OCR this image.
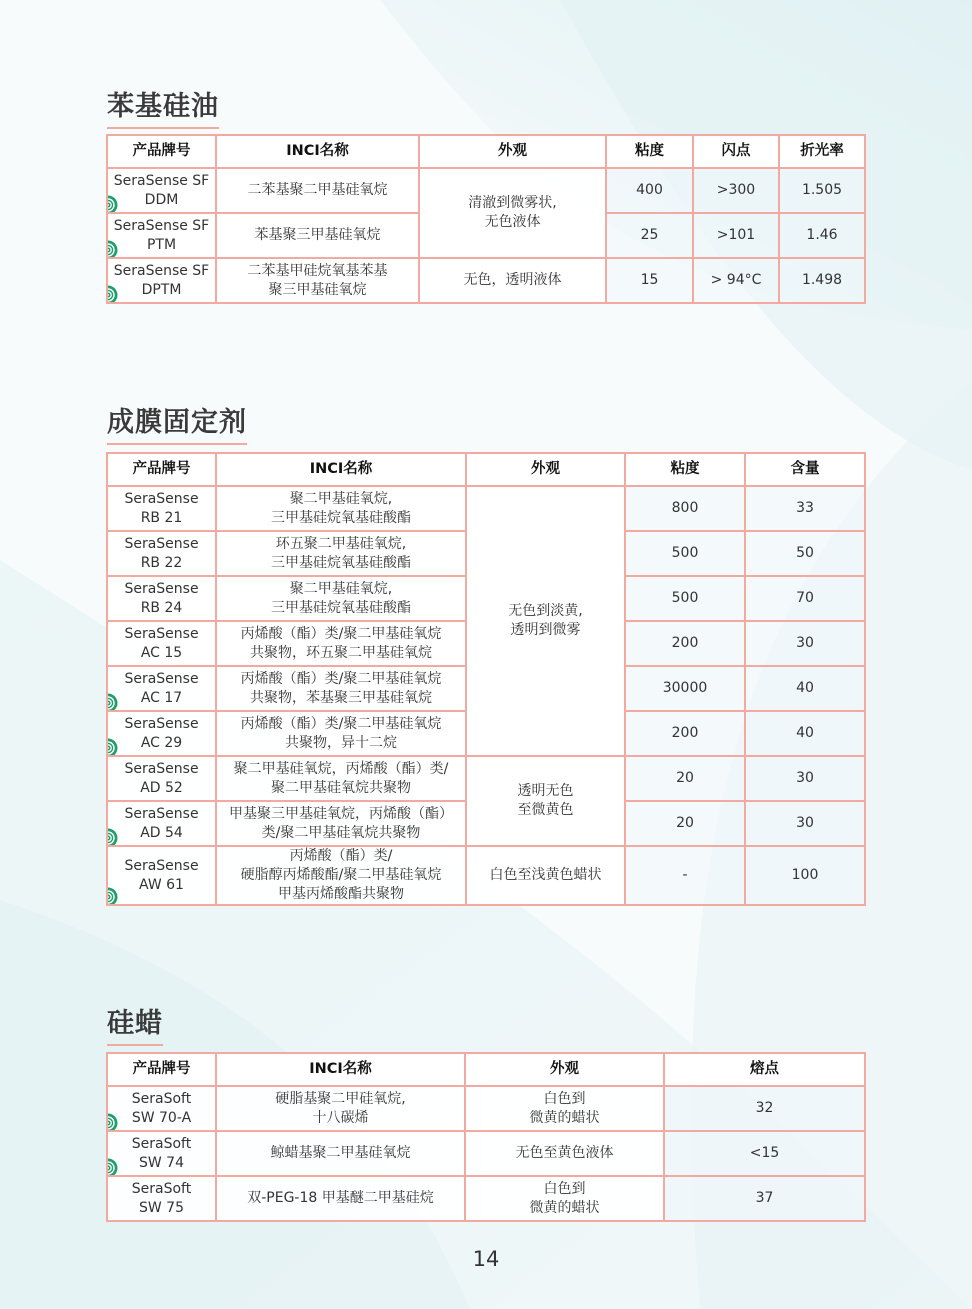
苯基硅油
产品牌号	INCI名称	外观	粘度	闪点	折光率

SeraSense SF
DDM	二苯基聚二甲基硅氧烷	清澈到微雾状,
无色液体	400	>300	1.505

SeraSense SF
PTM	苯基聚三甲基硅氧烷		25	>101	1.46

SeraSense SF
DPTM	二苯基甲硅烷氧基苯基
聚三甲基硅氧烷	无色，透明液体	15	> 94°C	1.498
成膜固定剂
产品牌号	INCI名称	外观	粘度	含量

SeraSense
RB 21	聚二甲基硅氧烷,
三甲基硅烷氧基硅酸酯	无色到淡黄,
透明到微雾	800	33

SeraSense
RB 22	环五聚二甲基硅氧烷,
三甲基硅烷氧基硅酸酯		500	50

SeraSense
RB 24	聚二甲基硅氧烷,
三甲基硅烷氧基硅酸酯		500	70

SeraSense
AC 15	丙烯酸（酯）类/聚二甲基硅氧烷
共聚物，环五聚二甲基硅氧烷		200	30

SeraSense
AC 17	丙烯酸（酯）类/聚二甲基硅氧烷
共聚物，苯基聚三甲基硅氧烷		30000	40

SeraSense
AC 29	丙烯酸（酯）类/聚二甲基硅氧烷
共聚物，异十二烷		200	40

SeraSense
AD 52	聚二甲基硅氧烷，丙烯酸（酯）类/
聚二甲基硅氧烷共聚物	透明无色
至微黄色	20	30

SeraSense
AD 54	甲基聚三甲基硅氧烷，丙烯酸（酯）
类/聚二甲基硅氧烷共聚物		20	30

SeraSense
AW 61	丙烯酸（酯）类/
硬脂醇丙烯酸酯/聚二甲基硅氧烷
甲基丙烯酸酯共聚物	白色至浅黄色蜡状	-	100
硅蜡
产品牌号	INCI名称	外观	熔点

SeraSoft
SW 70-A	硬脂基聚二甲硅氧烷,
十八碳烯	白色到
微黄的蜡状	32

SeraSoft
SW 74	鲸蜡基聚二甲基硅氧烷	无色至黄色液体	<15

SeraSoft
SW 75	双-PEG-18 甲基醚二甲基硅烷	白色到
微黄的蜡状	37

14
